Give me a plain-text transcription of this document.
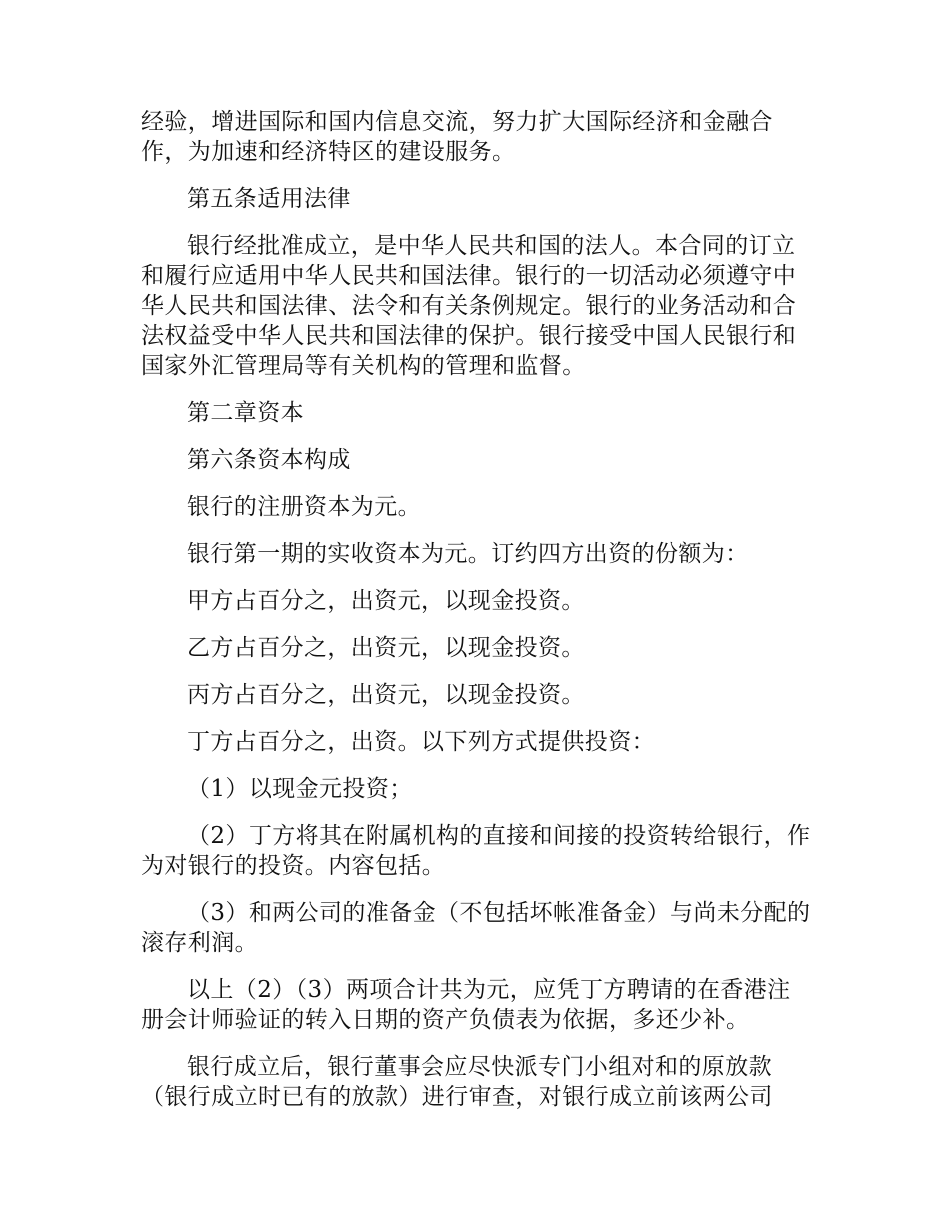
经验，增进国际和国内信息交流，努力扩大国际经济和金融合作，为加速和经济特区的建设服务。

第五条适用法律

银行经批准成立，是中华人民共和国的法人。本合同的订立和履行应适用中华人民共和国法律。银行的一切活动必须遵守中华人民共和国法律、法令和有关条例规定。银行的业务活动和合法权益受中华人民共和国法律的保护。银行接受中国人民银行和国家外汇管理局等有关机构的管理和监督。

第二章资本

第六条资本构成

银行的注册资本为元。

银行第一期的实收资本为元。订约四方出资的份额为：

甲方占百分之，出资元，以现金投资。

乙方占百分之，出资元，以现金投资。

丙方占百分之，出资元，以现金投资。

丁方占百分之，出资。以下列方式提供投资：

（1）以现金元投资；

（2）丁方将其在附属机构的直接和间接的投资转给银行，作为对银行的投资。内容包括。

（3）和两公司的准备金（不包括坏帐准备金）与尚未分配的滚存利润。

以上（2）（3）两项合计共为元，应凭丁方聘请的在香港注册会计师验证的转入日期的资产负债表为依据，多还少补。

银行成立后，银行董事会应尽快派专门小组对和的原放款（银行成立时已有的放款）进行审查，对银行成立前该两公司
